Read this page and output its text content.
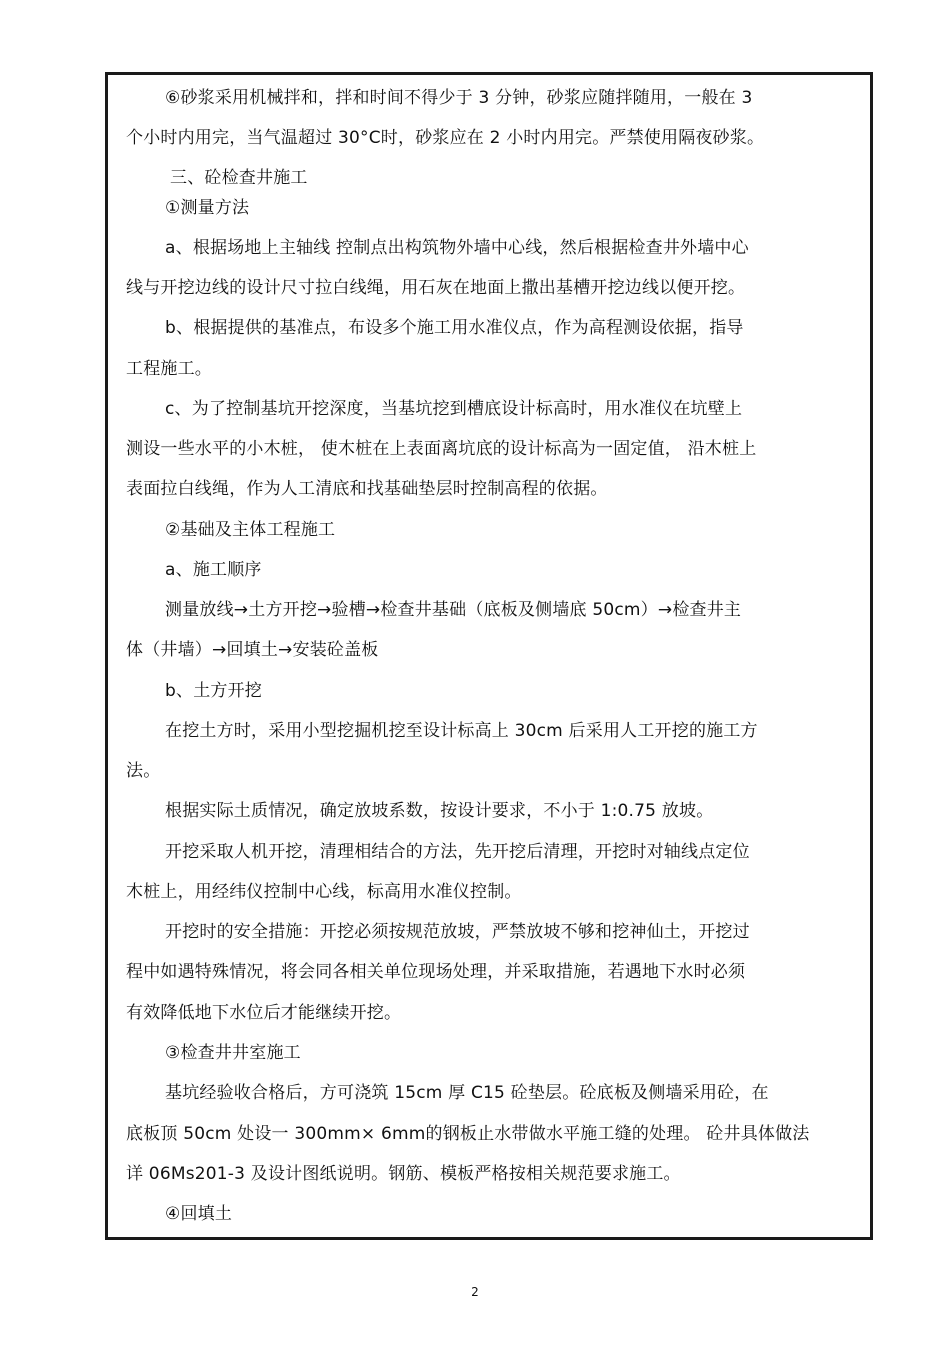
⑥砂浆采用机械拌和，拌和时间不得少于 3 分钟，砂浆应随拌随用，一般在 3

个小时内用完，当气温超过 30°C时，砂浆应在 2 小时内用完。严禁使用隔夜砂浆。

三、砼检查井施工

①测量方法

a、根据场地上主轴线 控制点出构筑物外墙中心线，然后根据检查井外墙中心

线与开挖边线的设计尺寸拉白线绳，用石灰在地面上撒出基槽开挖边线以便开挖。

b、根据提供的基准点，布设多个施工用水准仪点，作为高程测设依据，指导

工程施工。

c、为了控制基坑开挖深度，当基坑挖到槽底设计标高时，用水准仪在坑壁上

测设一些水平的小木桩， 使木桩在上表面离坑底的设计标高为一固定值， 沿木桩上

表面拉白线绳，作为人工清底和找基础垫层时控制高程的依据。

②基础及主体工程施工

a、施工顺序

测量放线→土方开挖→验槽→检查井基础（底板及侧墙底 50cm）→检查井主

体（井墙）→回填土→安装砼盖板

b、土方开挖

在挖土方时，采用小型挖掘机挖至设计标高上 30cm 后采用人工开挖的施工方

法。

根据实际土质情况，确定放坡系数，按设计要求，不小于 1:0.75 放坡。

开挖采取人机开挖，清理相结合的方法，先开挖后清理，开挖时对轴线点定位

木桩上，用经纬仪控制中心线，标高用水准仪控制。

开挖时的安全措施：开挖必须按规范放坡，严禁放坡不够和挖神仙土，开挖过

程中如遇特殊情况，将会同各相关单位现场处理，并采取措施，若遇地下水时必须

有效降低地下水位后才能继续开挖。

③检查井井室施工

基坑经验收合格后，方可浇筑 15cm 厚 C15 砼垫层。砼底板及侧墙采用砼，在

底板顶 50cm 处设一 300mm× 6mm的钢板止水带做水平施工缝的处理。 砼井具体做法

详 06Ms201-3 及设计图纸说明。钢筋、模板严格按相关规范要求施工。

④回填土

2
